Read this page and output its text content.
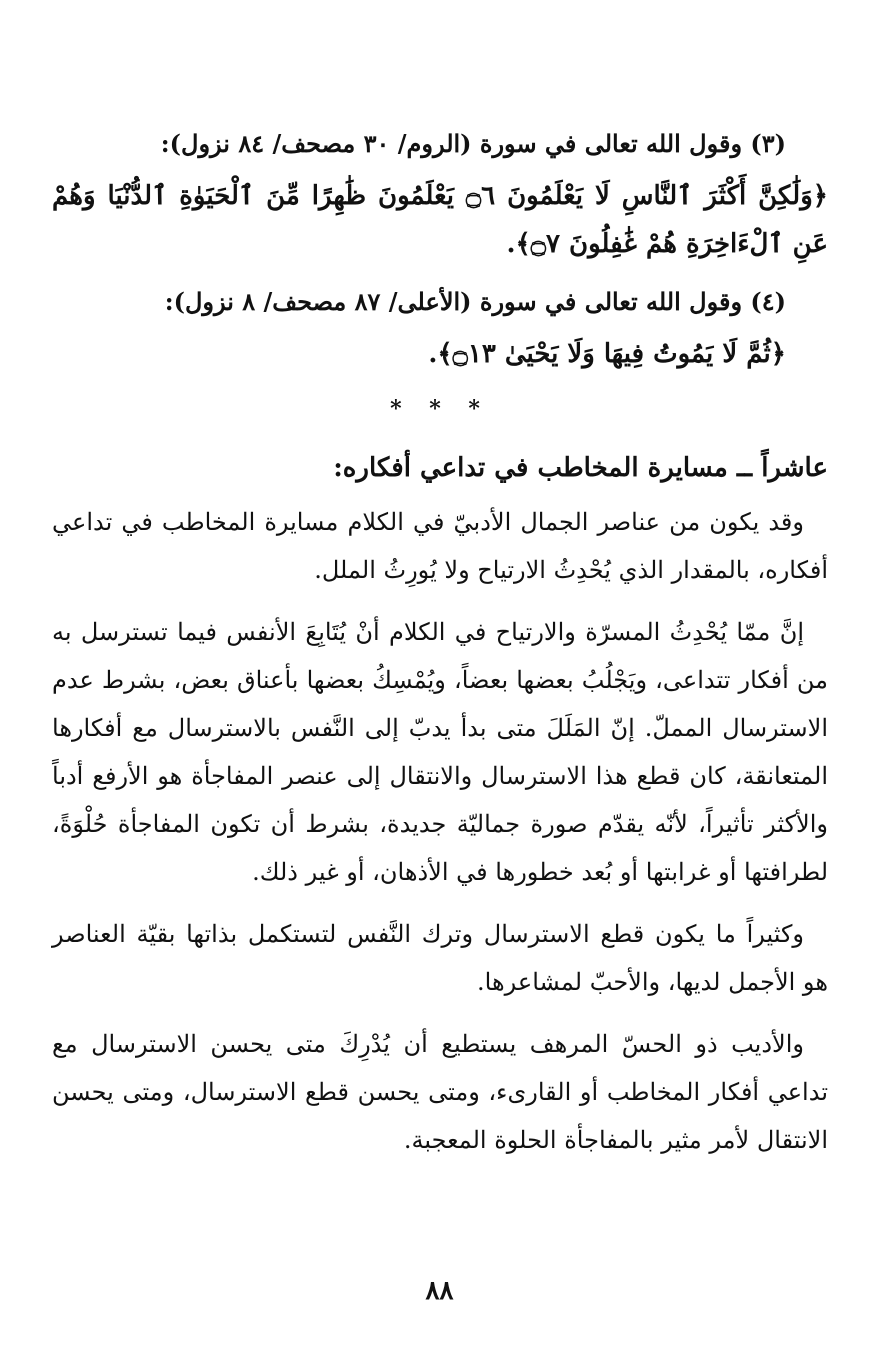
(٣) وقول الله تعالى في سورة (الروم/ ٣٠ مصحف/ ٨٤ نزول):
﴿وَلَٰكِنَّ أَكْثَرَ ٱلنَّاسِ لَا يَعْلَمُونَ ۝٦ يَعْلَمُونَ ظَٰهِرًا مِّنَ ٱلْحَيَوٰةِ ٱلدُّنْيَا وَهُمْ عَنِ ٱلْءَاخِرَةِ هُمْ غَٰفِلُونَ ۝٧﴾.
(٤) وقول الله تعالى في سورة (الأعلى/ ٨٧ مصحف/ ٨ نزول):
﴿ثُمَّ لَا يَمُوتُ فِيهَا وَلَا يَحْيَىٰ ۝١٣﴾.
* * *
عاشراً ــ مسايرة المخاطب في تداعي أفكاره:

وقد يكون من عناصر الجمال الأدبيّ في الكلام مسايرة المخاطب في تداعي أفكاره، بالمقدار الذي يُحْدِثُ الارتياح ولا يُورِثُ الملل.

إنَّ ممّا يُحْدِثُ المسرّة والارتياح في الكلام أنْ يُتَابِعَ الأنفس فيما تسترسل به من أفكار تتداعى، ويَجْلُبُ بعضها بعضاً، ويُمْسِكُ بعضها بأعناق بعض، بشرط عدم الاسترسال المملّ. إنّ المَلَلَ متى بدأ يدبّ إلى النَّفس بالاسترسال مع أفكارها المتعانقة، كان قطع هذا الاسترسال والانتقال إلى عنصر المفاجأة هو الأرفع أدباً والأكثر تأثيراً، لأنّه يقدّم صورة جماليّة جديدة، بشرط أن تكون المفاجأة حُلْوَةً، لطرافتها أو غرابتها أو بُعد خطورها في الأذهان، أو غير ذلك.

وكثيراً ما يكون قطع الاسترسال وترك النَّفس لتستكمل بذاتها بقيّة العناصر هو الأجمل لديها، والأحبّ لمشاعرها.

والأديب ذو الحسّ المرهف يستطيع أن يُدْرِكَ متى يحسن الاسترسال مع تداعي أفكار المخاطب أو القارىء، ومتى يحسن قطع الاسترسال، ومتى يحسن الانتقال لأمر مثير بالمفاجأة الحلوة المعجبة.

٨٨
